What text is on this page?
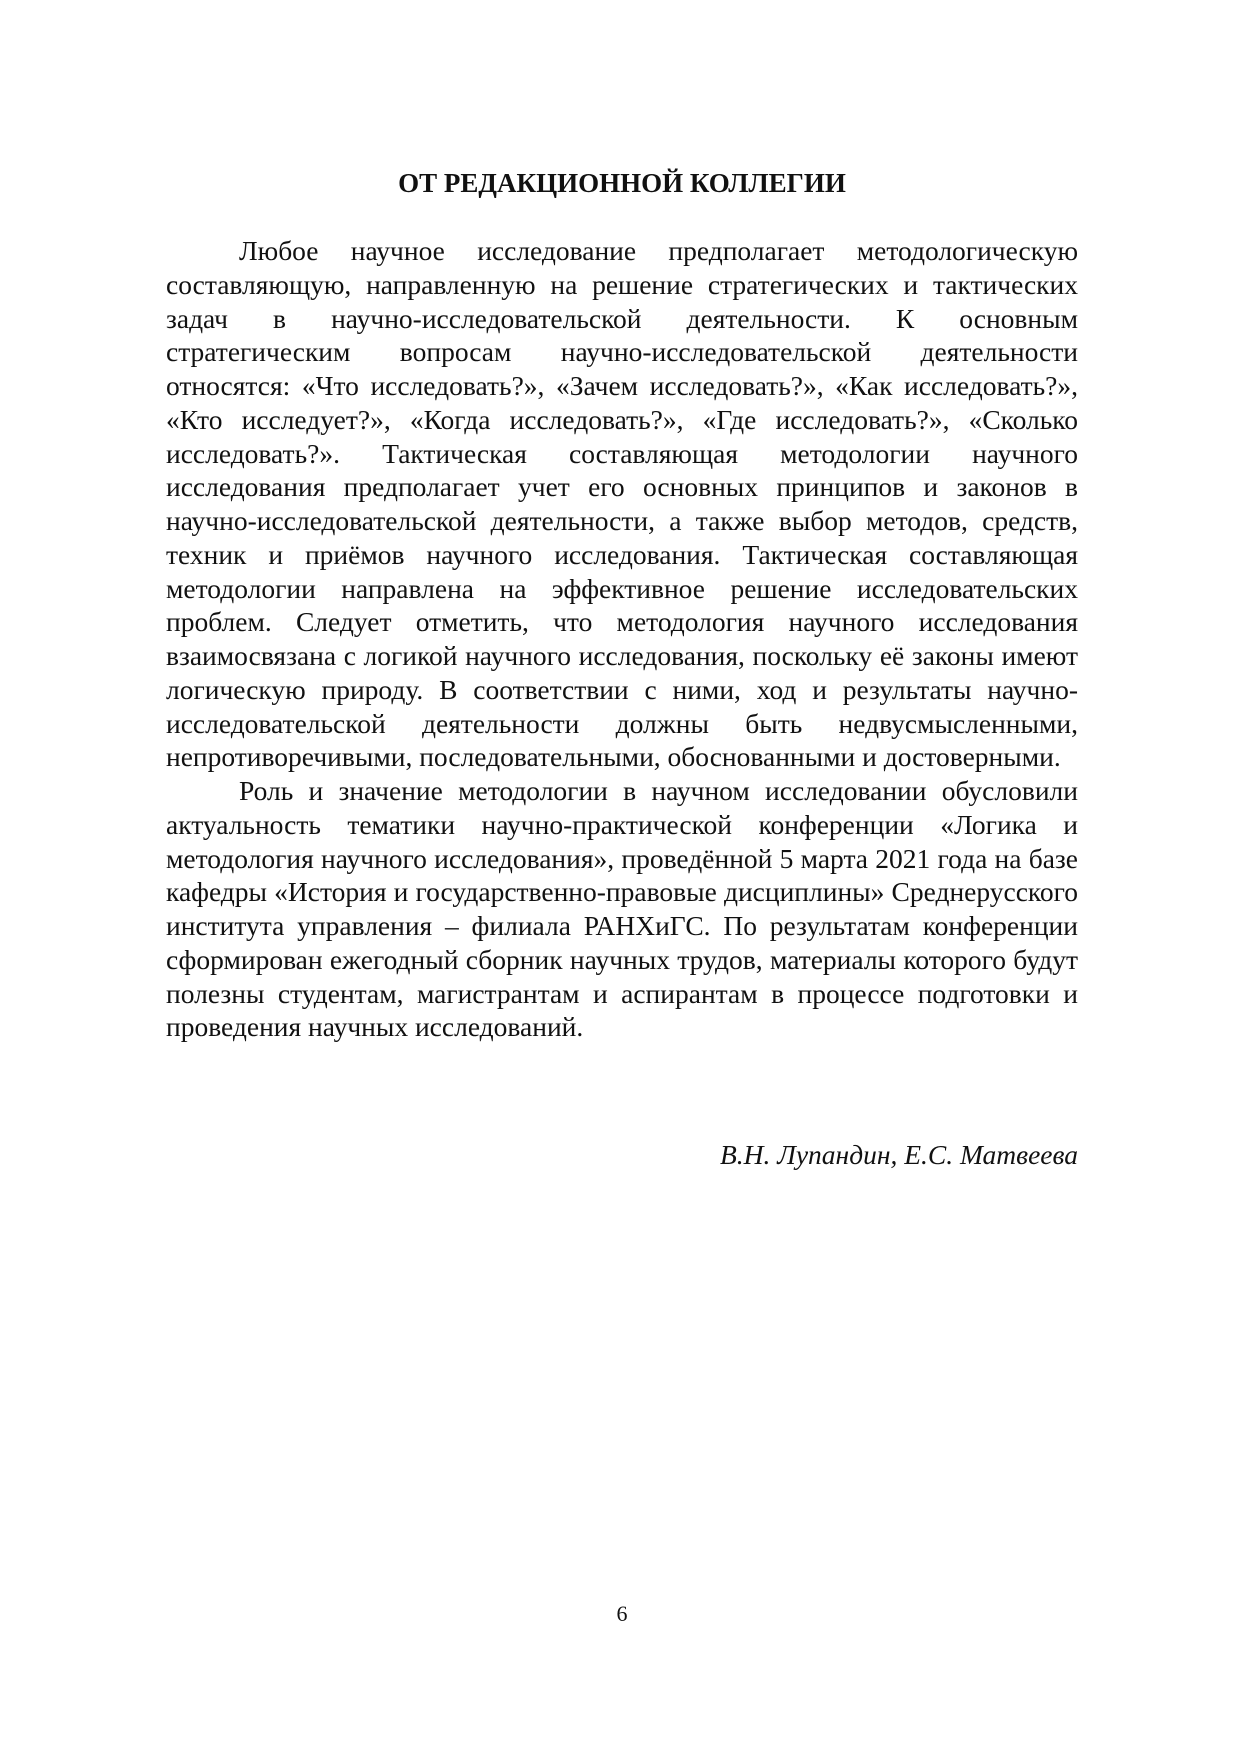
ОТ РЕДАКЦИОННОЙ КОЛЛЕГИИ

Любое научное исследование предполагает методологическую составляющую, направленную на решение стратегических и тактических задач в научно-исследовательской деятельности. К основным стратегическим вопросам научно-исследовательской деятельности относятся: «Что исследовать?», «Зачем исследовать?», «Как исследовать?», «Кто исследует?», «Когда исследовать?», «Где исследовать?», «Сколько исследовать?». Тактическая составляющая методологии научного исследования предполагает учет его основных принципов и законов в научно-исследовательской деятельности, а также выбор методов, средств, техник и приёмов научного исследования. Тактическая составляющая методологии направлена на эффективное решение исследовательских проблем. Следует отметить, что методология научного исследования взаимосвязана с логикой научного исследования, поскольку её законы имеют логическую природу. В соответствии с ними, ход и результаты научно-исследовательской деятельности должны быть недвусмысленными, непротиворечивыми, последовательными, обоснованными и достоверными.

Роль и значение методологии в научном исследовании обусловили актуальность тематики научно-практической конференции «Логика и методология научного исследования», проведённой 5 марта 2021 года на базе кафедры «История и государственно-правовые дисциплины» Среднерусского института управления – филиала РАНХиГС. По результатам конференции сформирован ежегодный сборник научных трудов, материалы которого будут полезны студентам, магистрантам и аспирантам в процессе подготовки и проведения научных исследований.

В.Н. Лупандин, Е.С. Матвеева

6
